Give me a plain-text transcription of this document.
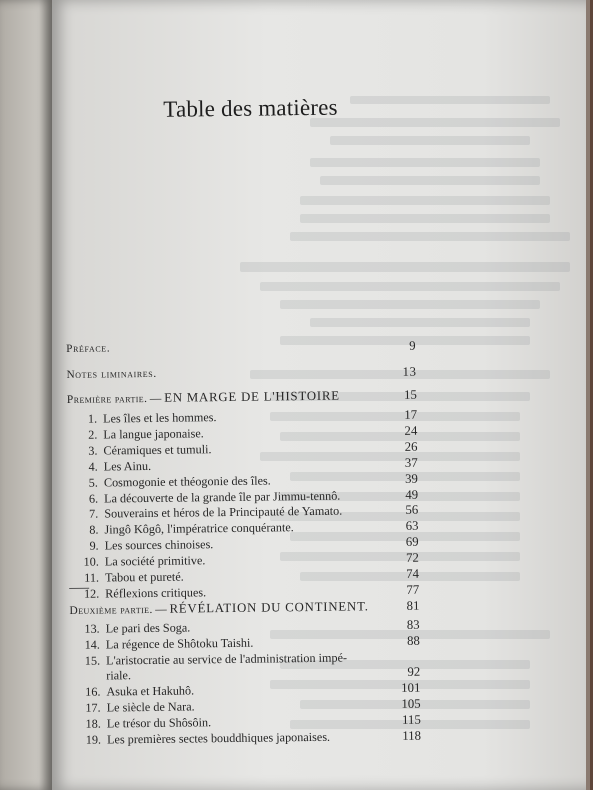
Table des matières
Préface.	9
Notes liminaires.	13
Première partie. — EN MARGE DE L'HISTOIRE	15
1. Les îles et les hommes.	17
2. La langue japonaise.	24
3. Céramiques et tumuli.	26
4. Les Ainu.	37
5. Cosmogonie et théogonie des îles.	39
6. La découverte de la grande île par Jimmu-tennô.	49
7. Souverains et héros de la Principauté de Yamato.	56
8. Jingô Kôgô, l'impératrice conquérante.	63
9. Les sources chinoises.	69
10. La société primitive.	72
11. Tabou et pureté.	74
12. Réflexions critiques.	77
Deuxième partie. — RÉVÉLATION DU CONTINENT.	81
13. Le pari des Soga.	83
14. La régence de Shôtoku Taishi.	88
15. L'aristocratie au service de l'administration impé-
riale.	92
16. Asuka et Hakuhô.	101
17. Le siècle de Nara.	105
18. Le trésor du Shôsôin.	115
19. Les premières sectes bouddhiques japonaises.	118
